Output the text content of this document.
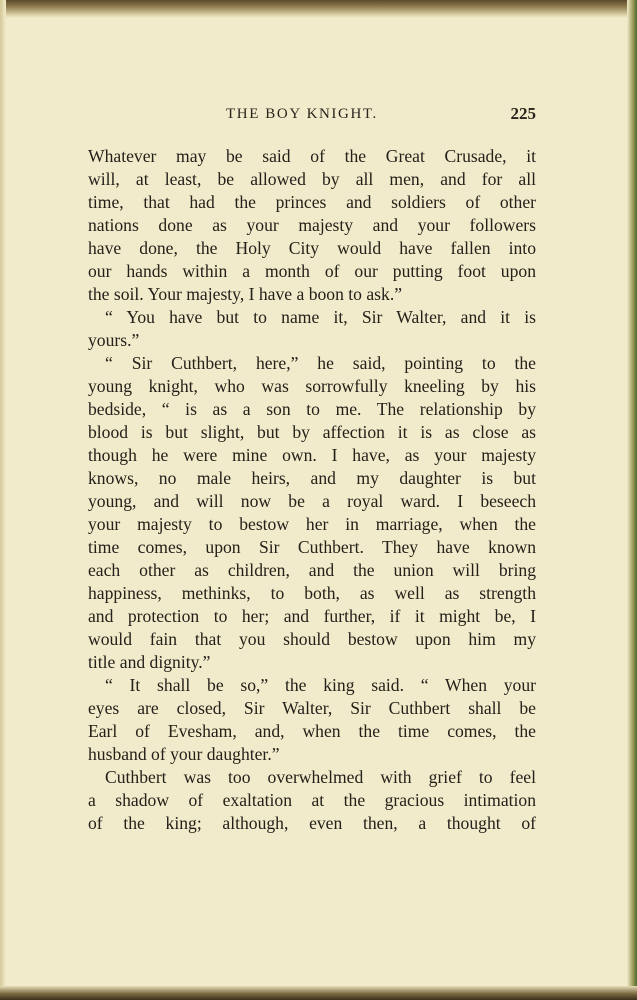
THE BOY KNIGHT.	225
Whatever may be said of the Great Crusade, it
will, at least, be allowed by all men, and for all
time, that had the princes and soldiers of other
nations done as your majesty and your followers
have done, the Holy City would have fallen into
our hands within a month of our putting foot upon
the soil. Your majesty, I have a boon to ask.”
“ You have but to name it, Sir Walter, and it is
yours.”
“ Sir Cuthbert, here,” he said, pointing to the
young knight, who was sorrowfully kneeling by his
bedside, “ is as a son to me. The relationship by
blood is but slight, but by affection it is as close as
though he were mine own. I have, as your majesty
knows, no male heirs, and my daughter is but
young, and will now be a royal ward. I beseech
your majesty to bestow her in marriage, when the
time comes, upon Sir Cuthbert. They have known
each other as children, and the union will bring
happiness, methinks, to both, as well as strength
and protection to her; and further, if it might be, I
would fain that you should bestow upon him my
title and dignity.”
“ It shall be so,” the king said. “ When your
eyes are closed, Sir Walter, Sir Cuthbert shall be
Earl of Evesham, and, when the time comes, the
husband of your daughter.”
Cuthbert was too overwhelmed with grief to feel
a shadow of exaltation at the gracious intimation
of the king; although, even then, a thought of
